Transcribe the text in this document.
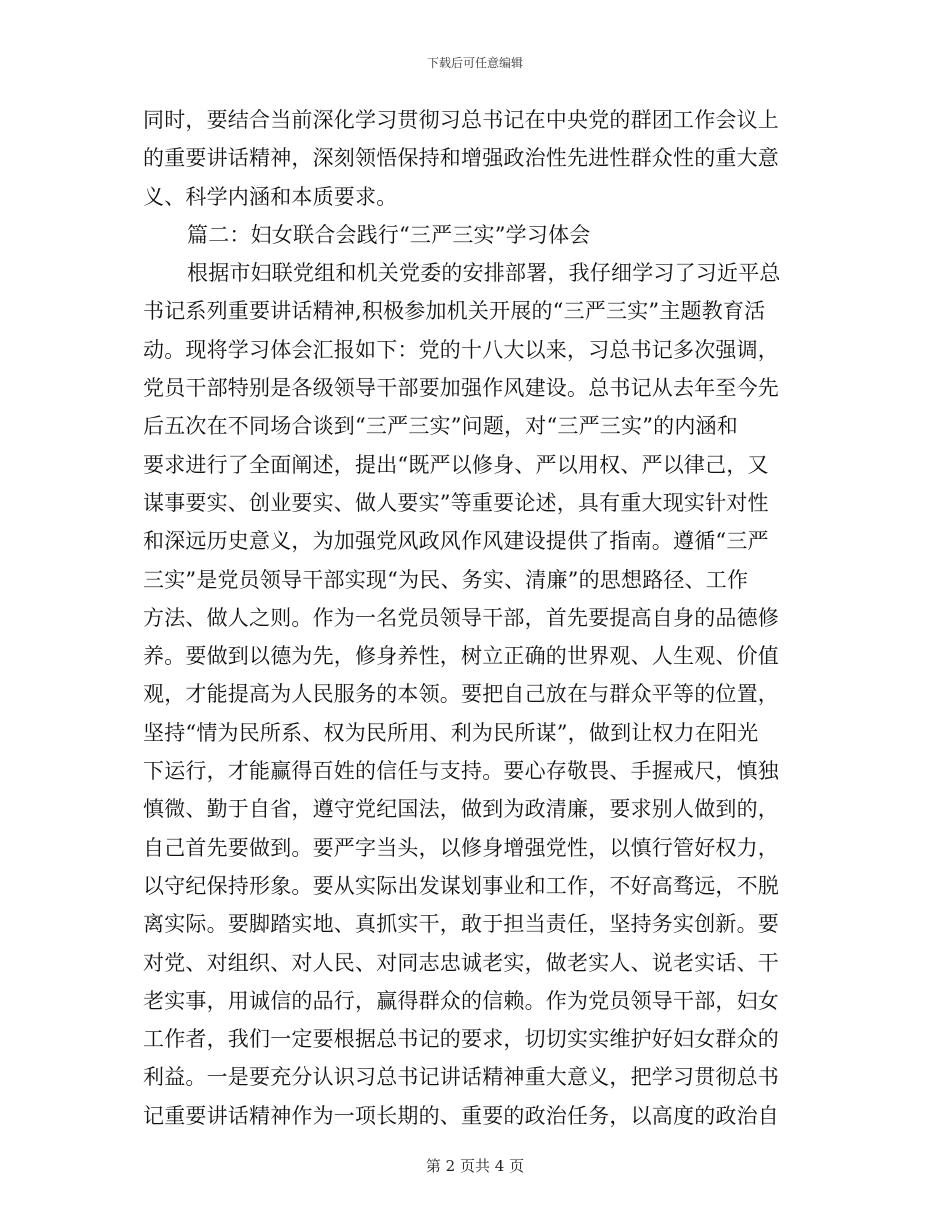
下载后可任意编辑
同时，要结合当前深化学习贯彻习总书记在中央党的群团工作会议上
的重要讲话精神，深刻领悟保持和增强政治性先进性群众性的重大意
义、科学内涵和本质要求。
篇二：妇女联合会践行“三严三实”学习体会
根据市妇联党组和机关党委的安排部署，我仔细学习了习近平总
书记系列重要讲话精神,积极参加机关开展的“三严三实”主题教育活
动。现将学习体会汇报如下：党的十八大以来，习总书记多次强调，
党员干部特别是各级领导干部要加强作风建设。总书记从去年至今先
后五次在不同场合谈到“三严三实”问题，对“三严三实”的内涵和
要求进行了全面阐述，提出“既严以修身、严以用权、严以律己，又
谋事要实、创业要实、做人要实”等重要论述，具有重大现实针对性
和深远历史意义，为加强党风政风作风建设提供了指南。遵循“三严
三实”是党员领导干部实现“为民、务实、清廉”的思想路径、工作
方法、做人之则。作为一名党员领导干部，首先要提高自身的品德修
养。要做到以德为先，修身养性，树立正确的世界观、人生观、价值
观，才能提高为人民服务的本领。要把自己放在与群众平等的位置，
坚持“情为民所系、权为民所用、利为民所谋”，做到让权力在阳光
下运行，才能赢得百姓的信任与支持。要心存敬畏、手握戒尺，慎独
慎微、勤于自省，遵守党纪国法，做到为政清廉，要求别人做到的，
自己首先要做到。要严字当头，以修身增强党性，以慎行管好权力，
以守纪保持形象。要从实际出发谋划事业和工作，不好高骛远，不脱
离实际。要脚踏实地、真抓实干，敢于担当责任，坚持务实创新。要
对党、对组织、对人民、对同志忠诚老实，做老实人、说老实话、干
老实事，用诚信的品行，赢得群众的信赖。作为党员领导干部，妇女
工作者，我们一定要根据总书记的要求，切切实实维护好妇女群众的
利益。一是要充分认识习总书记讲话精神重大意义，把学习贯彻总书
记重要讲话精神作为一项长期的、重要的政治任务，以高度的政治自
第 2 页共 4 页
